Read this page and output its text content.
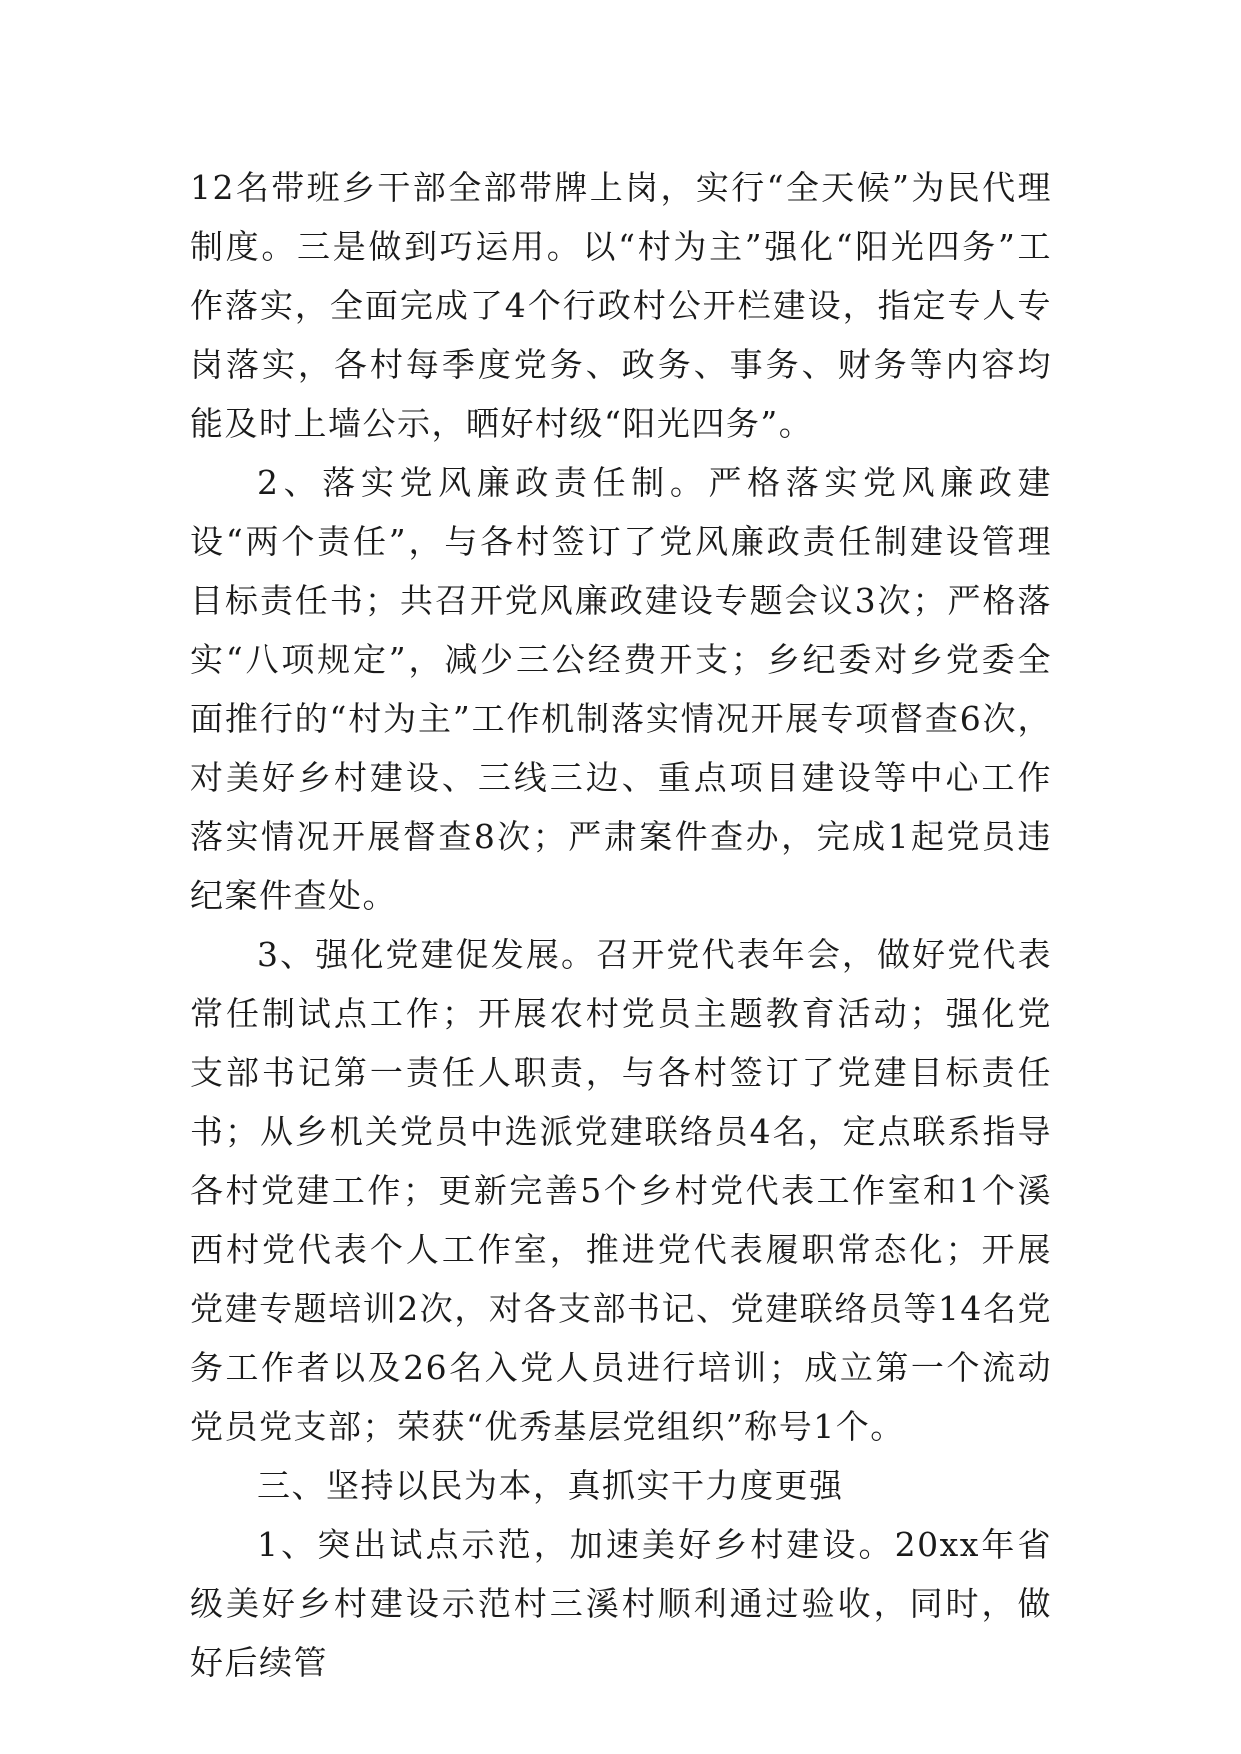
12名带班乡干部全部带牌上岗，实行“全天候”为民代理制度。三是做到巧运用。以“村为主”强化“阳光四务”工作落实，全面完成了4个行政村公开栏建设，指定专人专岗落实，各村每季度党务、政务、事务、财务等内容均能及时上墙公示，晒好村级“阳光四务”。

2、落实党风廉政责任制。严格落实党风廉政建设“两个责任”，与各村签订了党风廉政责任制建设管理目标责任书；共召开党风廉政建设专题会议3次；严格落实“八项规定”，减少三公经费开支；乡纪委对乡党委全面推行的“村为主”工作机制落实情况开展专项督查6次，对美好乡村建设、三线三边、重点项目建设等中心工作落实情况开展督查8次；严肃案件查办，完成1起党员违纪案件查处。

3、强化党建促发展。召开党代表年会，做好党代表常任制试点工作；开展农村党员主题教育活动；强化党支部书记第一责任人职责，与各村签订了党建目标责任书；从乡机关党员中选派党建联络员4名，定点联系指导各村党建工作；更新完善5个乡村党代表工作室和1个溪西村党代表个人工作室，推进党代表履职常态化；开展党建专题培训2次，对各支部书记、党建联络员等14名党务工作者以及26名入党人员进行培训；成立第一个流动党员党支部；荣获“优秀基层党组织”称号1个。

三、坚持以民为本，真抓实干力度更强

1、突出试点示范，加速美好乡村建设。20xx年省级美好乡村建设示范村三溪村顺利通过验收，同时，做好后续管
